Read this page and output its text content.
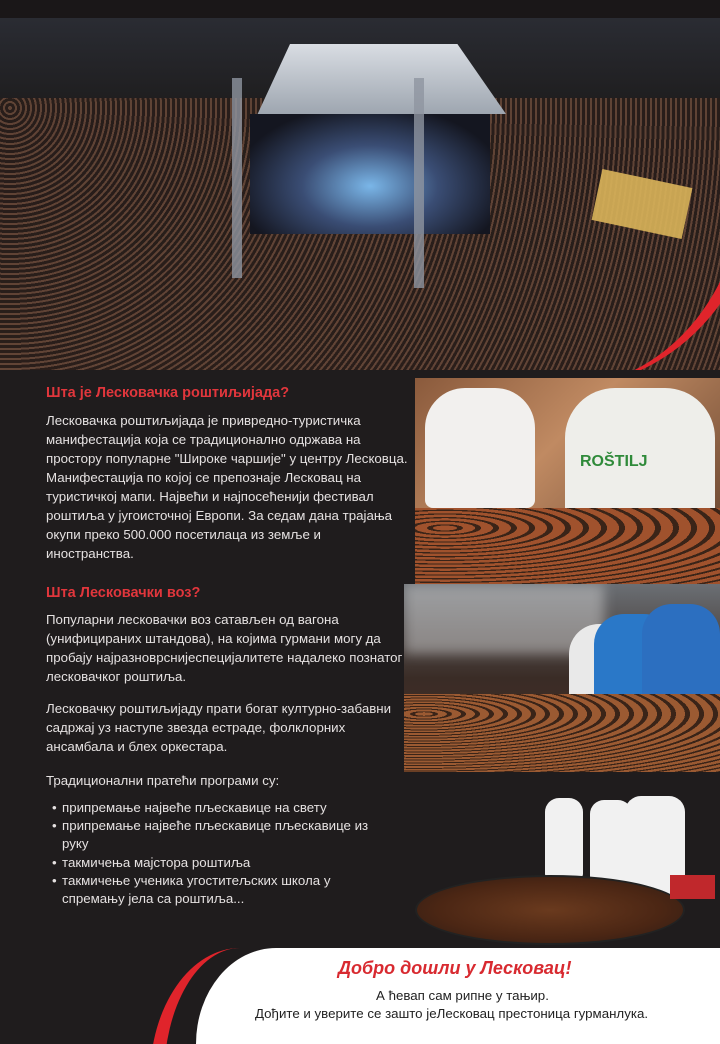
Шта је Лесковачка роштиљијада?
Лесковачка роштиљијада је привредно-туристичка манифестација која се традиционално одржава на простору популарне "Широке чаршије" у центру Лесковца. Манифестација по којој се препознаје Лесковац на туристичкој мапи. Највећи и најпосећенији фестивал роштиља у југоисточној Европи. За седам дана трајања окупи преко 500.000 посетилаца из земље и иностранства.
Шта Лесковачки воз?
Популарни лесковачки воз сатављен од вагона (унифицираних штандова), на којима гурмани могу да пробају најразноврснијеспецијалитете надалеко познатог лесковачког роштиља.
Лесковачку роштиљијаду прати богат културно-забавни садржај уз наступе звезда естраде, фолклорних ансамбала и блех оркестара.
Традиционални пратећи програми су:
• припремање највеће пљескавице на свету
• припремање највеће пљескавице пљескавице из руку
• такмичења мајстора роштиља
• такмичење ученика угоститељских школа у спремању јела са роштиља...
ROŠTILJ
Добро дошли у Лесковац!
А ћевап сам рипне у тањир.
Дођите и уверите се зашто јеЛесковац престоница гурманлука.
